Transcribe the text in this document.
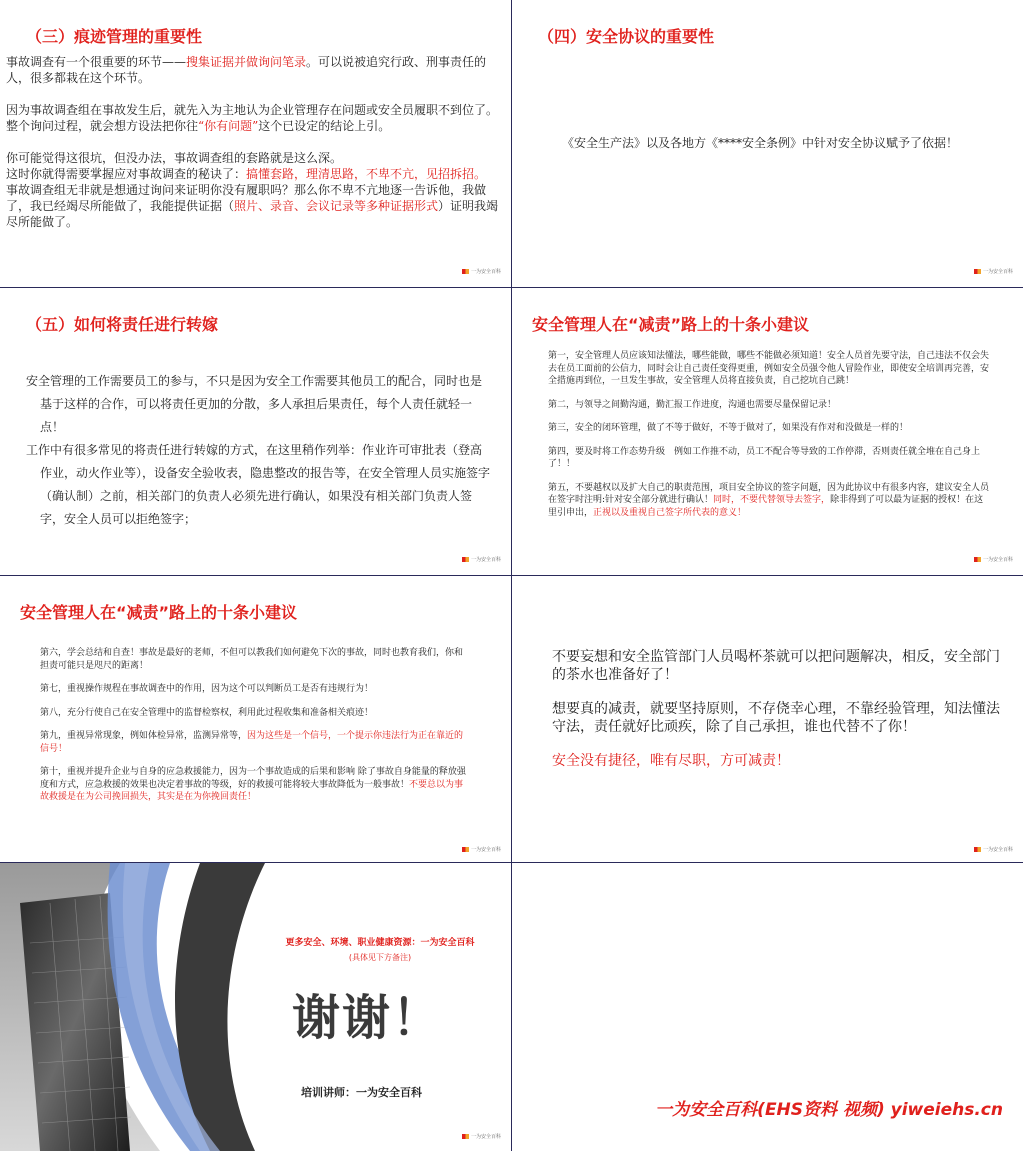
（三）痕迹管理的重要性

事故调查有一个很重要的环节——搜集证据并做询问笔录。可以说被追究行政、刑事责任的人，很多都栽在这个环节。

因为事故调查组在事故发生后，就先入为主地认为企业管理存在问题或安全员履职不到位了。整个询问过程，就会想方设法把你往“你有问题”这个已设定的结论上引。

你可能觉得这很坑，但没办法，事故调查组的套路就是这么深。

这时你就得需要掌握应对事故调查的秘诀了：搞懂套路，理清思路，不卑不亢，见招拆招。

事故调查组无非就是想通过询问来证明你没有履职吗？那么你不卑不亢地逐一告诉他，我做了，我已经竭尽所能做了，我能提供证据（照片、录音、会议记录等多种证据形式）证明我竭尽所能做了。

一为安全百科
（四）安全协议的重要性
《安全生产法》以及各地方《****安全条例》中针对安全协议赋予了依据！
一为安全百科
（五）如何将责任进行转嫁

安全管理的工作需要员工的参与，不只是因为安全工作需要其他员工的配合，同时也是基于这样的合作，可以将责任更加的分散，多人承担后果责任，每个人责任就轻一点！

工作中有很多常见的将责任进行转嫁的方式，在这里稍作列举：作业许可审批表（登高作业，动火作业等），设备安全验收表，隐患整改的报告等，在安全管理人员实施签字（确认制）之前，相关部门的负责人必须先进行确认，如果没有相关部门负责人签字，安全人员可以拒绝签字；

一为安全百科
安全管理人在“减责”路上的十条小建议

第一，安全管理人员应该知法懂法，哪些能做，哪些不能做必须知道！安全人员首先要守法，自己违法不仅会失去在员工面前的公信力，同时会让自己责任变得更重，例如安全员强令他人冒险作业，即使安全培训再完善，安全措施再到位，一旦发生事故，安全管理人员将直接负责，自己挖坑自己跳！

第二，与领导之间勤沟通，勤汇报工作进度，沟通也需要尽量保留记录！

第三，安全的闭环管理，做了不等于做好，不等于做对了，如果没有作对和没做是一样的！

第四，要及时将工作态势升级　例如工作推不动，员工不配合等导致的工作停滞，否则责任就全堆在自己身上了！！

第五，不要越权以及扩大自己的职责范围，项目安全协议的签字问题，因为此协议中有很多内容，建议安全人员在签字时注明:针对安全部分就进行确认！同时，不要代替领导去签字，除非得到了可以最为证据的授权！在这里引申出，正视以及重视自己签字所代表的意义！

一为安全百科
安全管理人在“减责”路上的十条小建议

第六，学会总结和自查！事故是最好的老师，不但可以教我们如何避免下次的事故，同时也教育我们，你和担责可能只是咫尺的距离！

第七，重视操作规程在事故调查中的作用，因为这个可以判断员工是否有违规行为！

第八，充分行使自己在安全管理中的监督检察权，利用此过程收集和准备相关痕迹！

第九，重视异常现象，例如体检异常，监测异常等，因为这些是一个信号，一个提示你违法行为正在靠近的信号！

第十，重视并提升企业与自身的应急救援能力，因为一个事故造成的后果和影响 除了事故自身能量的释放强度和方式，应急救援的效果也决定着事故的等级，好的救援可能将较大事故降低为一般事故！不要总以为事故救援是在为公司挽回损失，其实是在为你挽回责任！

一为安全百科

不要妄想和安全监管部门人员喝杯茶就可以把问题解决，相反，安全部门的茶水也准备好了！

想要真的减责，就要坚持原则，不存侥幸心理，不靠经验管理，知法懂法守法，责任就好比顽疾，除了自己承担，谁也代替不了你！

安全没有捷径，唯有尽职，方可减责！

一为安全百科
更多安全、环境、职业健康资源：一为安全百科
(具体见下方备注)
谢谢！
培训讲师：一为安全百科
一为安全百科
一为安全百科(EHS资料 视频) yiweiehs.cn
